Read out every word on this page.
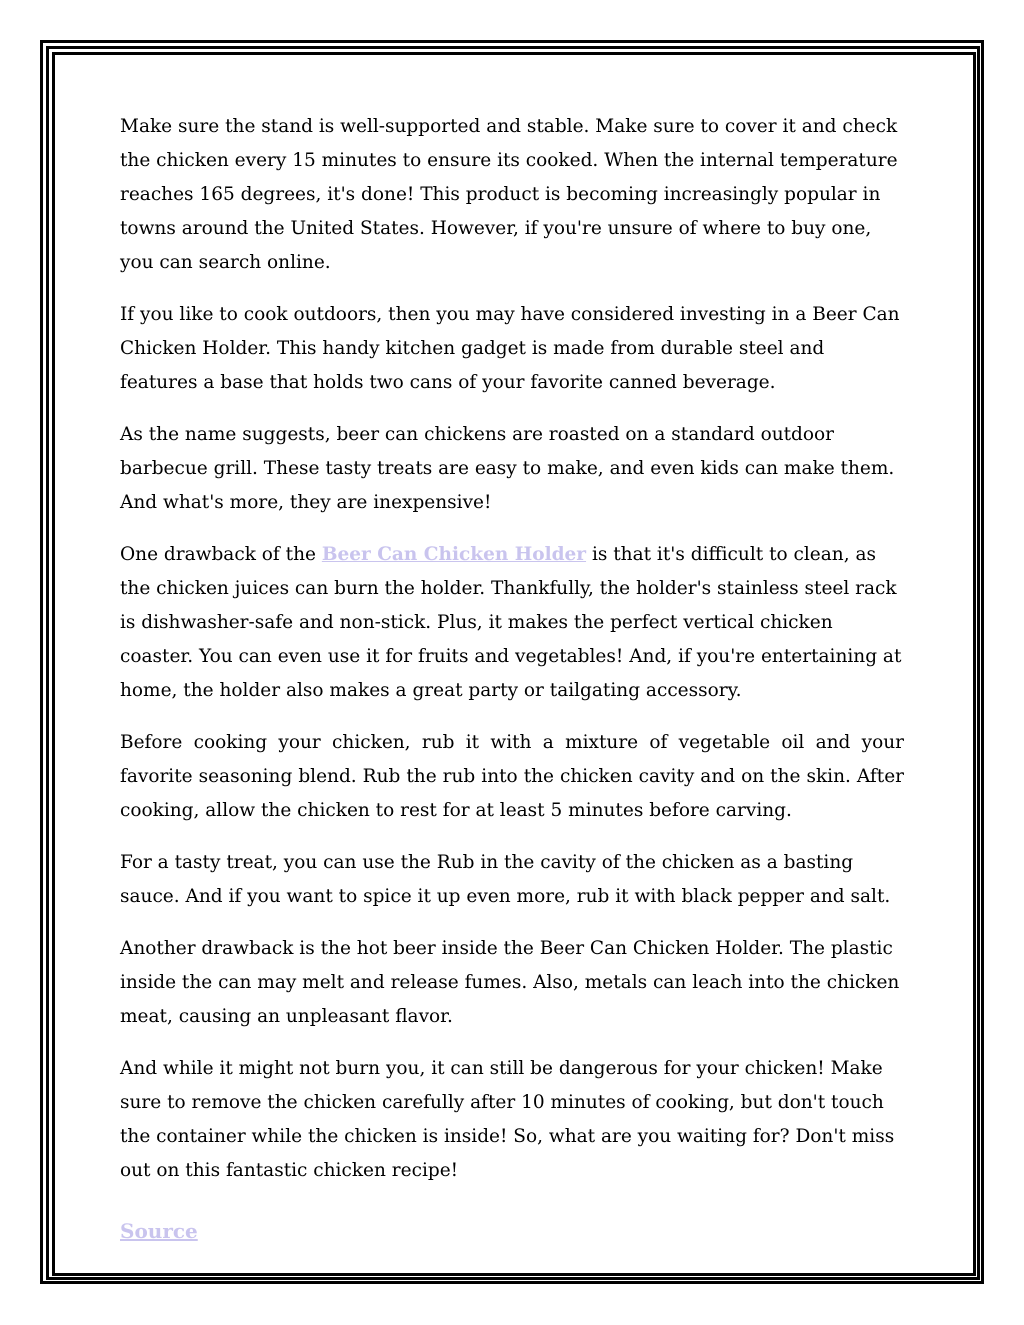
Make sure the stand is well-supported and stable. Make sure to cover it and check the chicken every 15 minutes to ensure its cooked. When the internal temperature reaches 165 degrees, it's done! This product is becoming increasingly popular in towns around the United States. However, if you're unsure of where to buy one, you can search online.

If you like to cook outdoors, then you may have considered investing in a Beer Can Chicken Holder. This handy kitchen gadget is made from durable steel and features a base that holds two cans of your favorite canned beverage.

As the name suggests, beer can chickens are roasted on a standard outdoor barbecue grill. These tasty treats are easy to make, and even kids can make them. And what's more, they are inexpensive!

One drawback of the Beer Can Chicken Holder is that it's difficult to clean, as the chicken juices can burn the holder. Thankfully, the holder's stainless steel rack is dishwasher-safe and non-stick. Plus, it makes the perfect vertical chicken coaster. You can even use it for fruits and vegetables! And, if you're entertaining at home, the holder also makes a great party or tailgating accessory.

Before cooking your chicken, rub it with a mixture of vegetable oil and your favorite seasoning blend. Rub the rub into the chicken cavity and on the skin. After cooking, allow the chicken to rest for at least 5 minutes before carving.

For a tasty treat, you can use the Rub in the cavity of the chicken as a basting sauce. And if you want to spice it up even more, rub it with black pepper and salt.

Another drawback is the hot beer inside the Beer Can Chicken Holder. The plastic inside the can may melt and release fumes. Also, metals can leach into the chicken meat, causing an unpleasant flavor.

And while it might not burn you, it can still be dangerous for your chicken! Make sure to remove the chicken carefully after 10 minutes of cooking, but don't touch the container while the chicken is inside! So, what are you waiting for? Don't miss out on this fantastic chicken recipe!

Source
